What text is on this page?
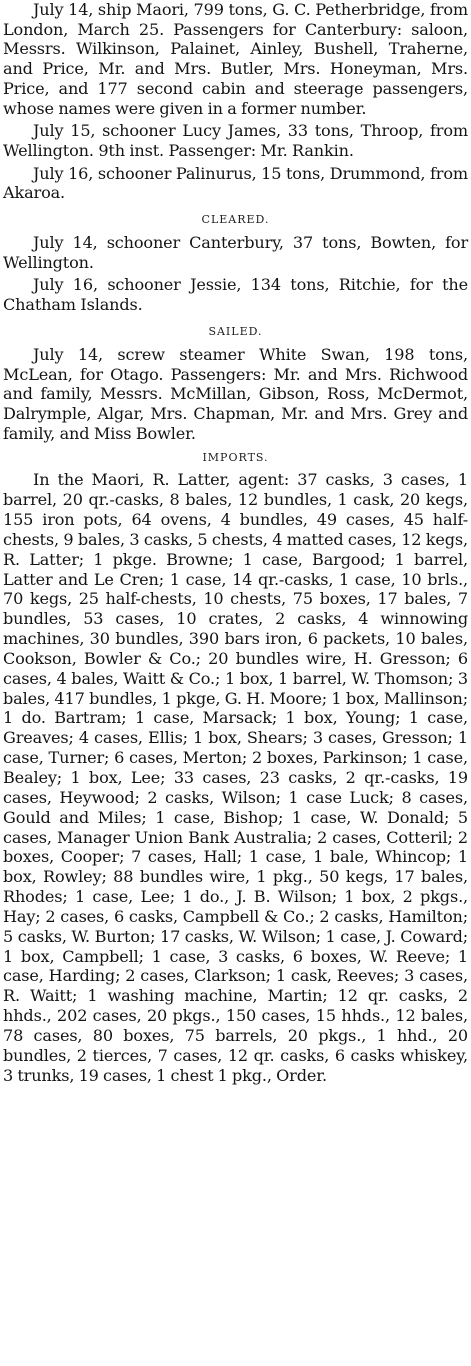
July 14, ship Maori, 799 tons, G. C. Petherbridge, from London, March 25. Passengers for Canterbury: saloon, Messrs. Wilkinson, Palainet, Ainley, Bushell, Traherne, and Price, Mr. and Mrs. Butler, Mrs. Honeyman, Mrs. Price, and 177 second cabin and steerage passengers, whose names were given in a former number.

July 15, schooner Lucy James, 33 tons, Throop, from Wellington. 9th inst. Passenger: Mr. Rankin.

July 16, schooner Palinurus, 15 tons, Drummond, from Akaroa.

CLEARED.

July 14, schooner Canterbury, 37 tons, Bowten, for Wellington.

July 16, schooner Jessie, 134 tons, Ritchie, for the Chatham Islands.

SAILED.

July 14, screw steamer White Swan, 198 tons, McLean, for Otago. Passengers: Mr. and Mrs. Richwood and family, Messrs. McMillan, Gibson, Ross, McDermot, Dalrymple, Algar, Mrs. Chapman, Mr. and Mrs. Grey and family, and Miss Bowler.

IMPORTS.

In the Maori, R. Latter, agent: 37 casks, 3 cases, 1 barrel, 20 qr.-casks, 8 bales, 12 bundles, 1 cask, 20 kegs, 155 iron pots, 64 ovens, 4 bundles, 49 cases, 45 half-chests, 9 bales, 3 casks, 5 chests, 4 matted cases, 12 kegs, R. Latter; 1 pkge. Browne; 1 case, Bargood; 1 barrel, Latter and Le Cren; 1 case, 14 qr.-casks, 1 case, 10 brls., 70 kegs, 25 half-chests, 10 chests, 75 boxes, 17 bales, 7 bundles, 53 cases, 10 crates, 2 casks, 4 winnowing machines, 30 bundles, 390 bars iron, 6 packets, 10 bales, Cookson, Bowler & Co.; 20 bundles wire, H. Gresson; 6 cases, 4 bales, Waitt & Co.; 1 box, 1 barrel, W. Thomson; 3 bales, 417 bundles, 1 pkge, G. H. Moore; 1 box, Mallinson; 1 do. Bartram; 1 case, Marsack; 1 box, Young; 1 case, Greaves; 4 cases, Ellis; 1 box, Shears; 3 cases, Gresson; 1 case, Turner; 6 cases, Merton; 2 boxes, Parkinson; 1 case, Bealey; 1 box, Lee; 33 cases, 23 casks, 2 qr.-casks, 19 cases, Heywood; 2 casks, Wilson; 1 case Luck; 8 cases, Gould and Miles; 1 case, Bishop; 1 case, W. Donald; 5 cases, Manager Union Bank Australia; 2 cases, Cotteril; 2 boxes, Cooper; 7 cases, Hall; 1 case, 1 bale, Whincop; 1 box, Rowley; 88 bundles wire, 1 pkg., 50 kegs, 17 bales, Rhodes; 1 case, Lee; 1 do., J. B. Wilson; 1 box, 2 pkgs., Hay; 2 cases, 6 casks, Campbell & Co.; 2 casks, Hamilton; 5 casks, W. Burton; 17 casks, W. Wilson; 1 case, J. Coward; 1 box, Campbell; 1 case, 3 casks, 6 boxes, W. Reeve; 1 case, Harding; 2 cases, Clarkson; 1 cask, Reeves; 3 cases, R. Waitt; 1 washing machine, Martin; 12 qr. casks, 2 hhds., 202 cases, 20 pkgs., 150 cases, 15 hhds., 12 bales, 78 cases, 80 boxes, 75 barrels, 20 pkgs., 1 hhd., 20 bundles, 2 tierces, 7 cases, 12 qr. casks, 6 casks whiskey, 3 trunks, 19 cases, 1 chest 1 pkg., Order.
